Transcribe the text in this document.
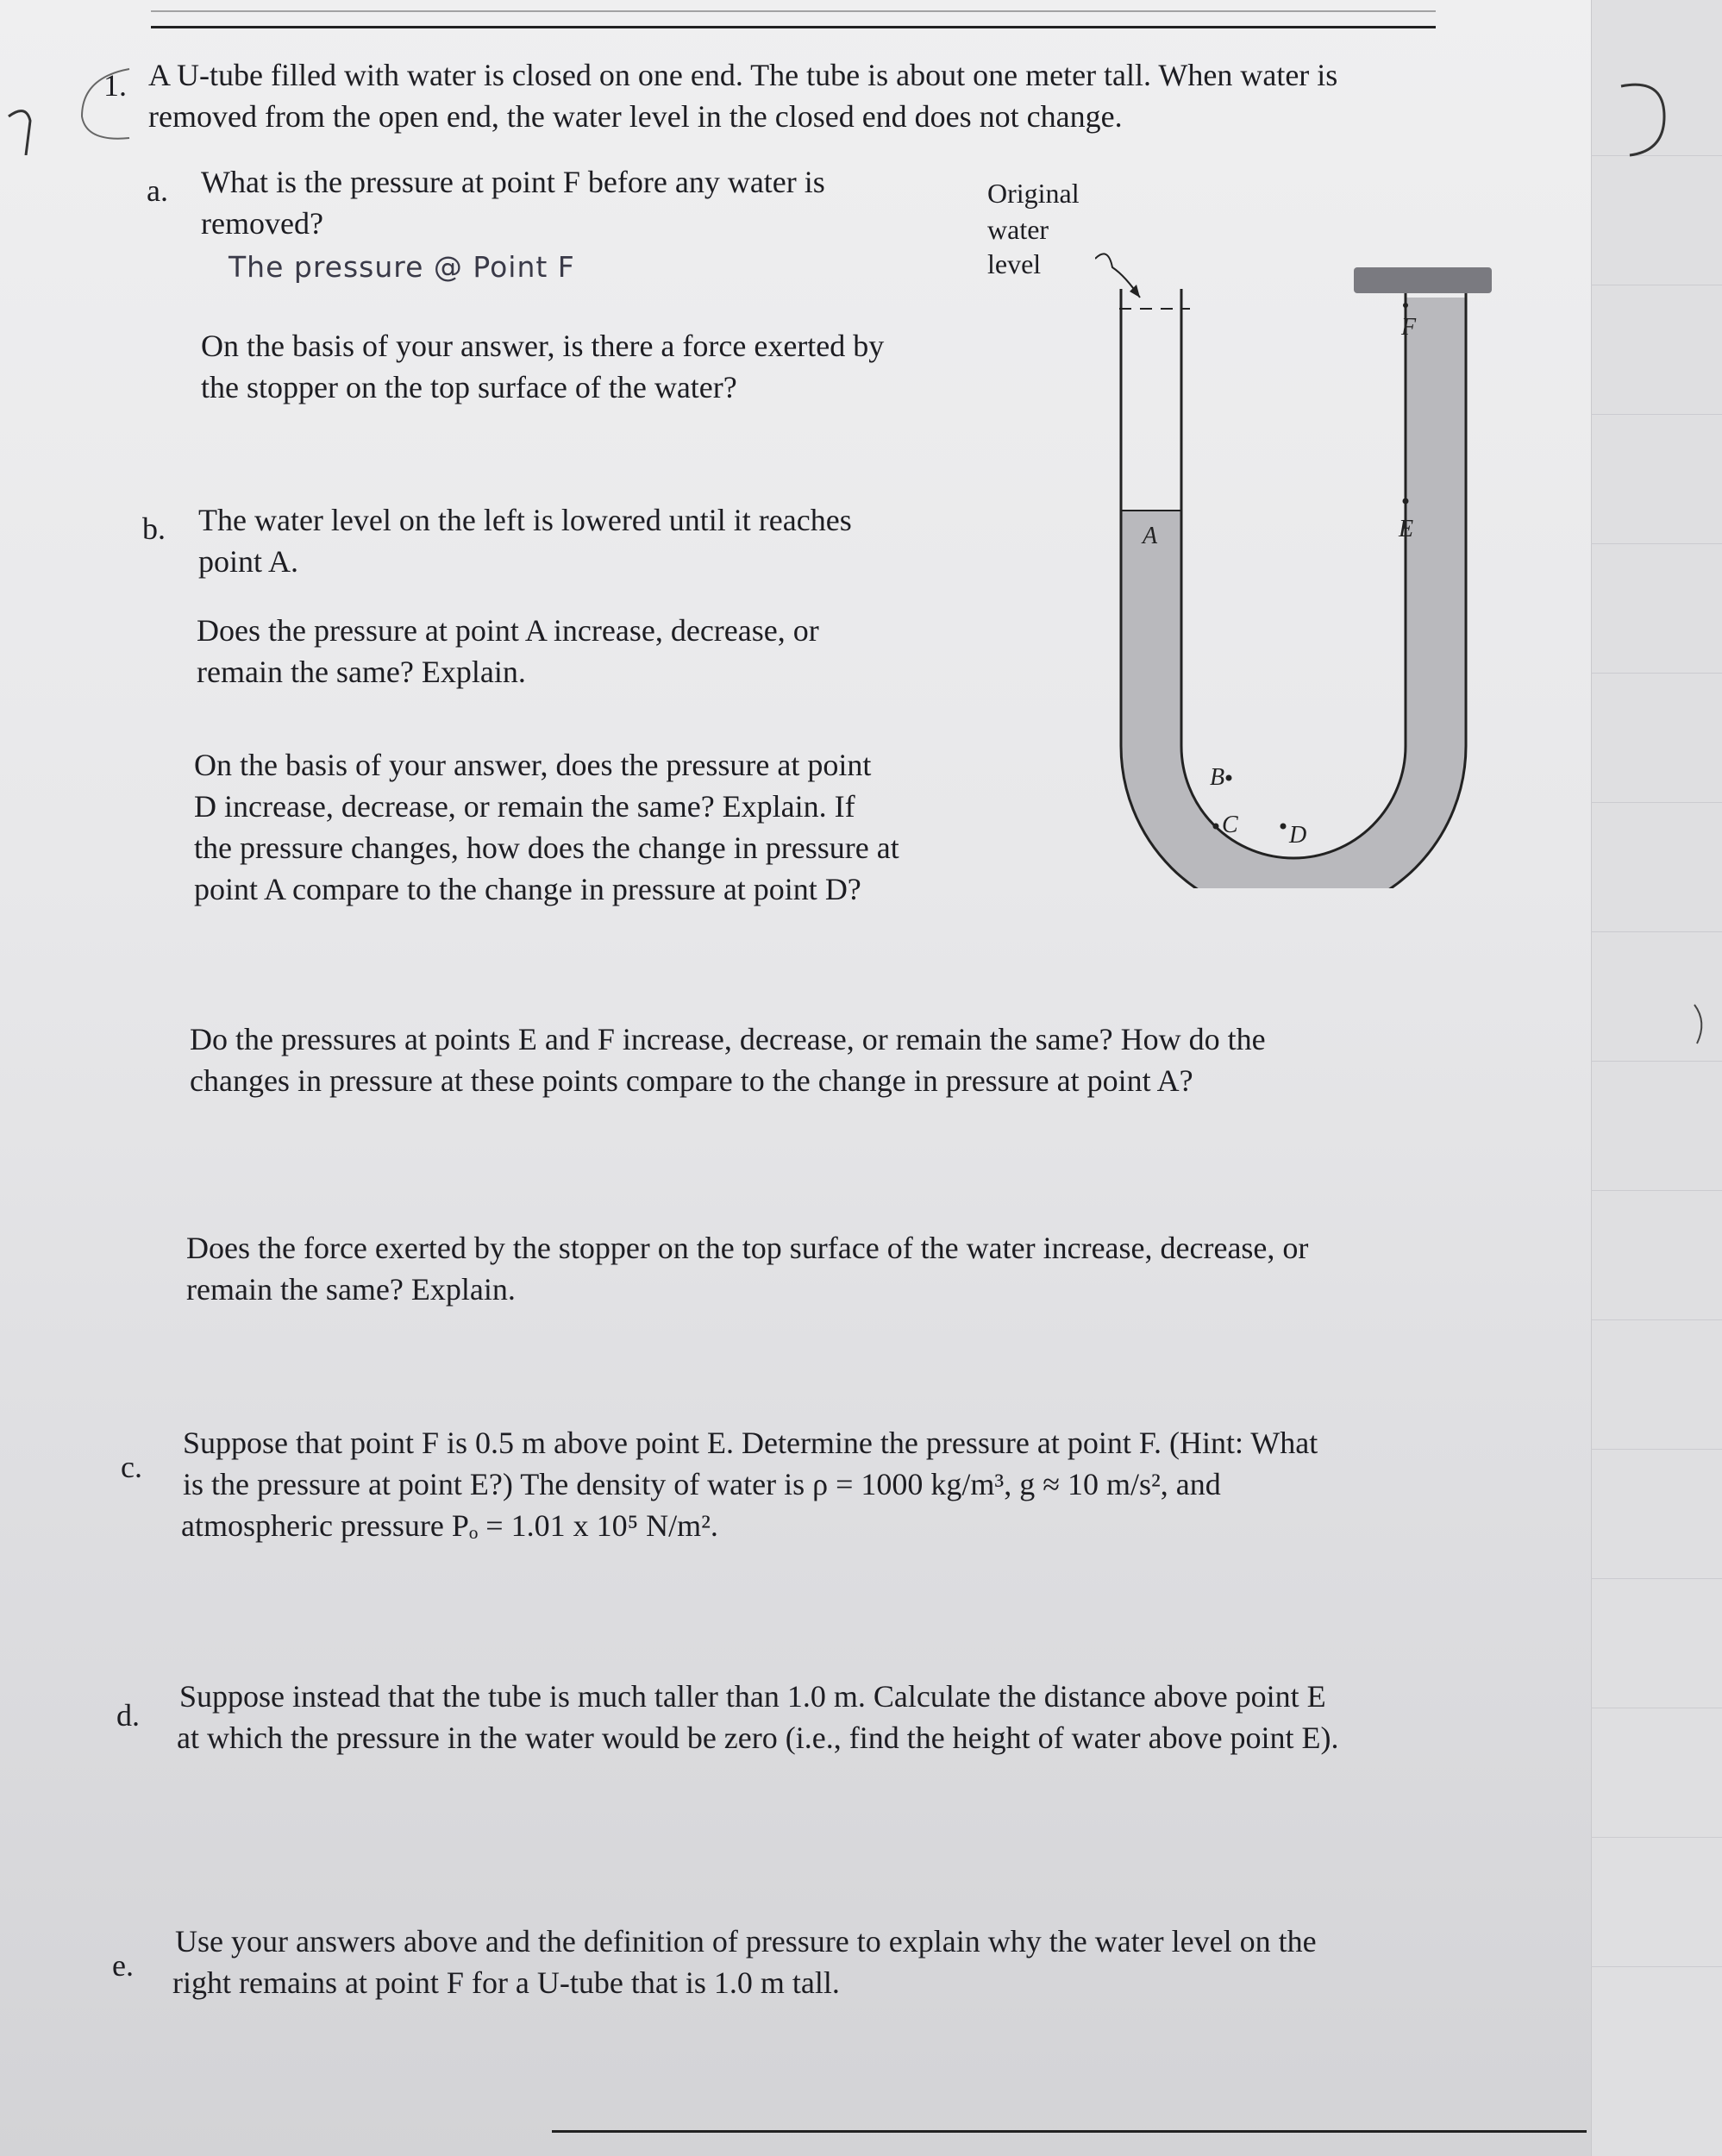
1. A U-tube filled with water is closed on one end. The tube is about one meter tall. When water is
removed from the open end, the water level in the closed end does not change.
a. What is the pressure at point F before any water is
removed?
The pressure @ Point F
On the basis of your answer, is there a force exerted by
the stopper on the top surface of the water?
b. The water level on the left is lowered until it reaches
point A.
Does the pressure at point A increase, decrease, or
remain the same? Explain.
On the basis of your answer, does the pressure at point
D increase, decrease, or remain the same? Explain. If
the pressure changes, how does the change in pressure at
point A compare to the change in pressure at point D?
Do the pressures at points E and F increase, decrease, or remain the same? How do the
changes in pressure at these points compare to the change in pressure at point A?
Does the force exerted by the stopper on the top surface of the water increase, decrease, or
remain the same? Explain.
c.
Suppose that point F is 0.5 m above point E. Determine the pressure at point F. (Hint: What
is the pressure at point E?) The density of water is ρ = 1000 kg/m³, g ≈ 10 m/s², and
atmospheric pressure Pₒ = 1.01 x 10⁵ N/m².
d.
Suppose instead that the tube is much taller than 1.0 m. Calculate the distance above point E
at which the pressure in the water would be zero (i.e., find the height of water above point E).
e.
Use your answers above and the definition of pressure to explain why the water level on the
right remains at point F for a U-tube that is 1.0 m tall.
Original
water
level
F
E
A
B
C D
